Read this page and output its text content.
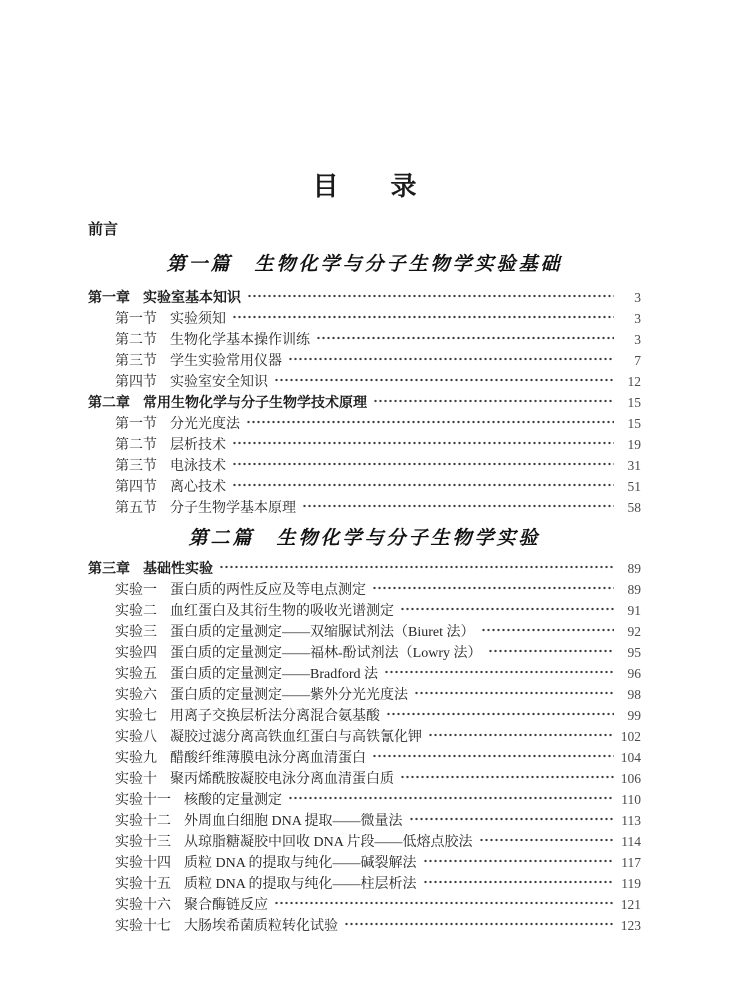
目　　录
前言
第一篇　生物化学与分子生物学实验基础
第一章 实验室基本知识	3
第一节 实验须知	3
第二节 生物化学基本操作训练	3
第三节 学生实验常用仪器	7
第四节 实验室安全知识	12
第二章 常用生物化学与分子生物学技术原理	15
第一节 分光光度法	15
第二节 层析技术	19
第三节 电泳技术	31
第四节 离心技术	51
第五节 分子生物学基本原理	58
第二篇　生物化学与分子生物学实验
第三章 基础性实验	89
实验一 蛋白质的两性反应及等电点测定	89
实验二 血红蛋白及其衍生物的吸收光谱测定	91
实验三 蛋白质的定量测定——双缩脲试剂法（Biuret 法）	92
实验四 蛋白质的定量测定——福林-酚试剂法（Lowry 法）	95
实验五 蛋白质的定量测定——Bradford 法	96
实验六 蛋白质的定量测定——紫外分光光度法	98
实验七 用离子交换层析法分离混合氨基酸	99
实验八 凝胶过滤分离高铁血红蛋白与高铁氰化钾	102
实验九 醋酸纤维薄膜电泳分离血清蛋白	104
实验十 聚丙烯酰胺凝胶电泳分离血清蛋白质	106
实验十一 核酸的定量测定	110
实验十二 外周血白细胞 DNA 提取——微量法	113
实验十三 从琼脂糖凝胶中回收 DNA 片段——低熔点胶法	114
实验十四 质粒 DNA 的提取与纯化——碱裂解法	117
实验十五 质粒 DNA 的提取与纯化——柱层析法	119
实验十六 聚合酶链反应	121
实验十七 大肠埃希菌质粒转化试验	123
